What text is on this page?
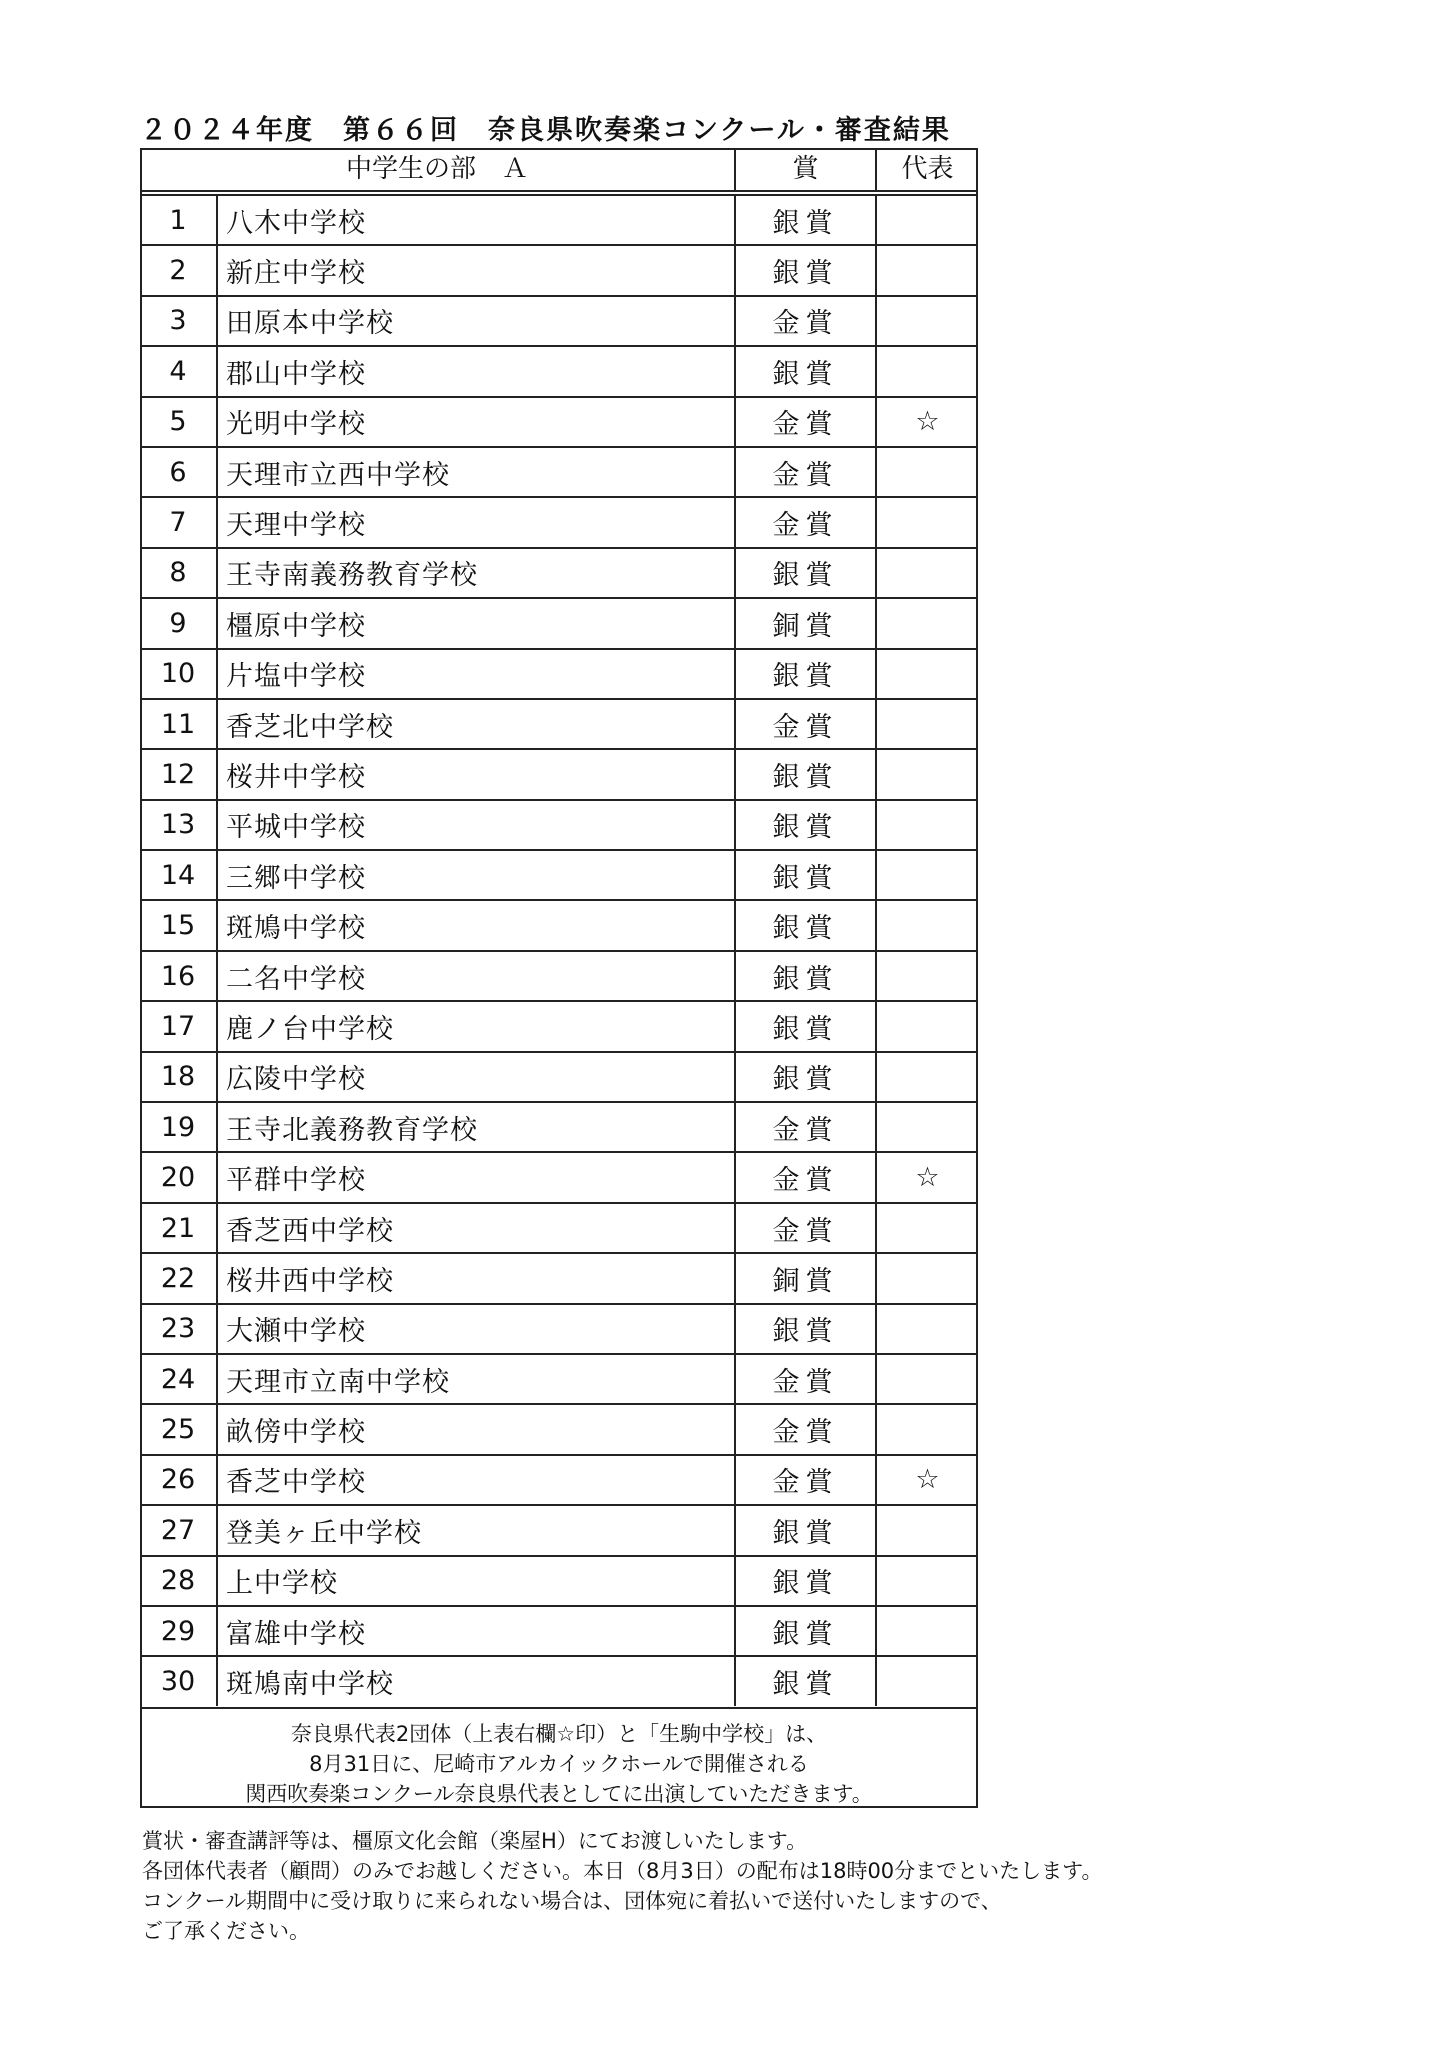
２０２４年度　第６６回　奈良県吹奏楽コンクール・審査結果
中学生の部　Ａ	賞	代表
1	八木中学校	銀賞
2	新庄中学校	銀賞
3	田原本中学校	金賞
4	郡山中学校	銀賞
5	光明中学校	金賞	☆
6	天理市立西中学校	金賞
7	天理中学校	金賞
8	王寺南義務教育学校	銀賞
9	橿原中学校	銅賞
10	片塩中学校	銀賞
11	香芝北中学校	金賞
12	桜井中学校	銀賞
13	平城中学校	銀賞
14	三郷中学校	銀賞
15	斑鳩中学校	銀賞
16	二名中学校	銀賞
17	鹿ノ台中学校	銀賞
18	広陵中学校	銀賞
19	王寺北義務教育学校	金賞
20	平群中学校	金賞	☆
21	香芝西中学校	金賞
22	桜井西中学校	銅賞
23	大瀬中学校	銀賞
24	天理市立南中学校	金賞
25	畝傍中学校	金賞
26	香芝中学校	金賞	☆
27	登美ヶ丘中学校	銀賞
28	上中学校	銀賞
29	富雄中学校	銀賞
30	斑鳩南中学校	銀賞
奈良県代表2団体（上表右欄☆印）と「生駒中学校」は、
8月31日に、尼崎市アルカイックホールで開催される
関西吹奏楽コンクール奈良県代表としてに出演していただきます。
賞状・審査講評等は、橿原文化会館（楽屋H）にてお渡しいたします。
各団体代表者（顧問）のみでお越しください。本日（8月3日）の配布は18時00分までといたします。
コンクール期間中に受け取りに来られない場合は、団体宛に着払いで送付いたしますので、
ご了承ください。
